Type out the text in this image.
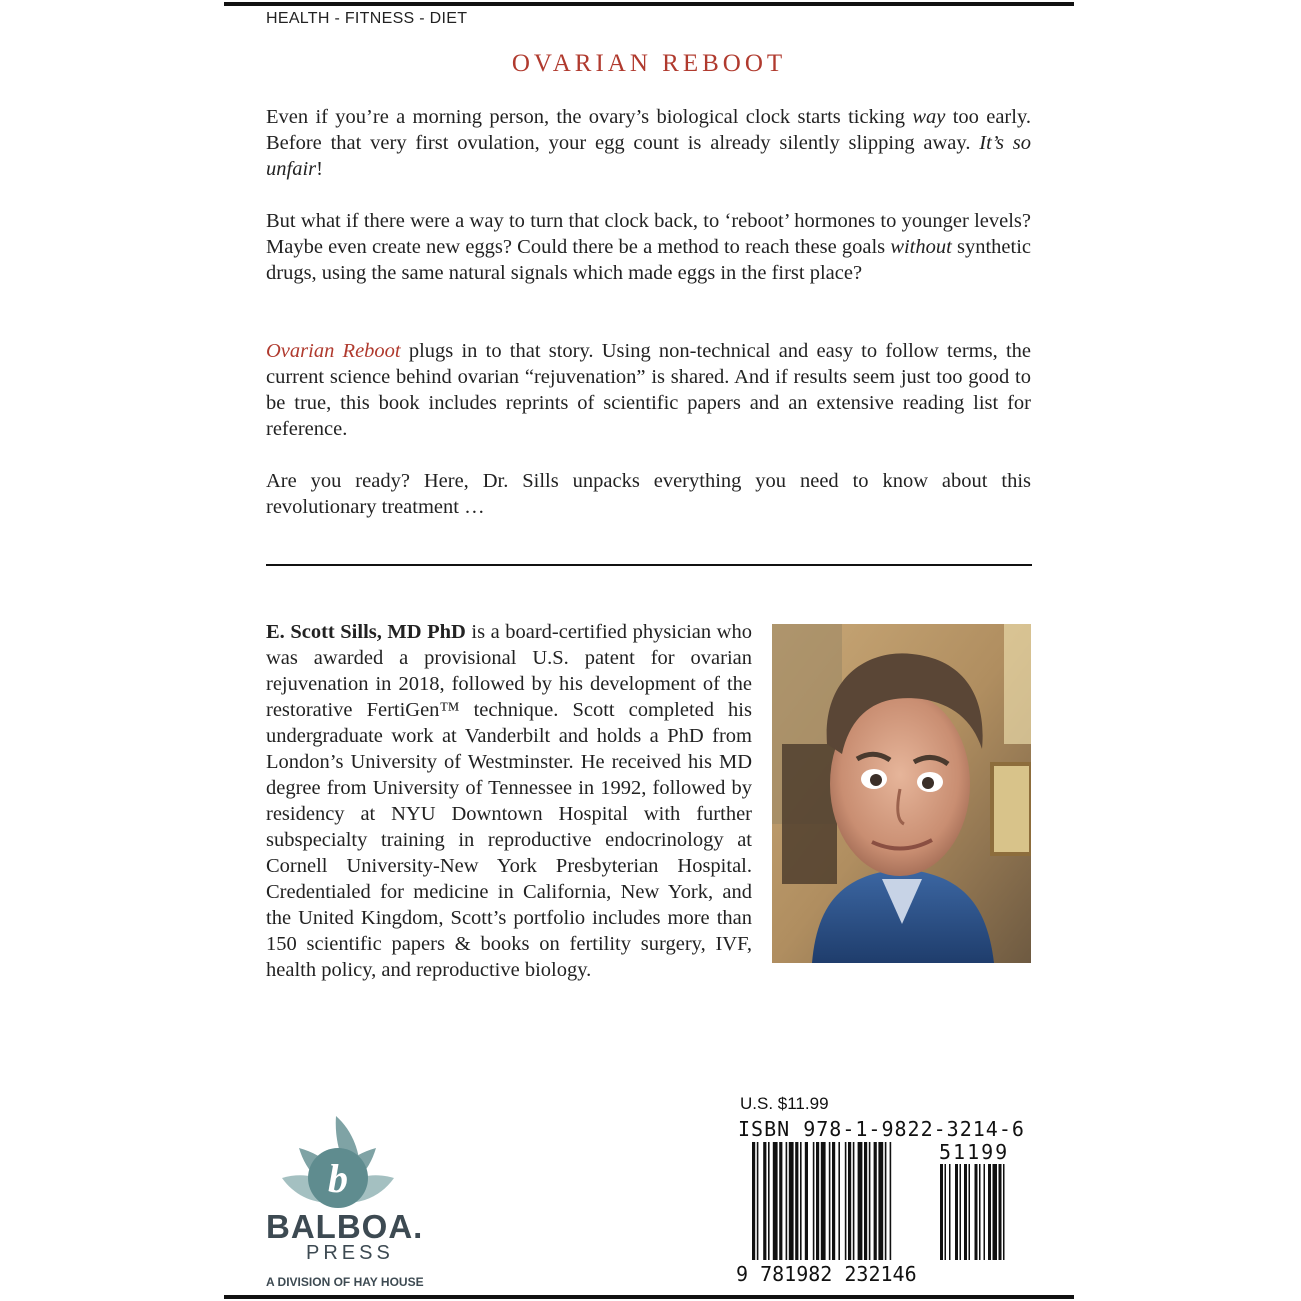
HEALTH - FITNESS - DIET
OVARIAN REBOOT

Even if you’re a morning person, the ovary’s biological clock starts ticking way too early. Before that very first ovulation, your egg count is already silently slipping away. It’s so unfair!

But what if there were a way to turn that clock back, to ‘reboot’ hormones to younger levels? Maybe even create new eggs? Could there be a method to reach these goals without synthetic drugs, using the same natural signals which made eggs in the first place?

Ovarian Reboot plugs in to that story. Using non-technical and easy to follow terms, the current science behind ovarian “rejuvenation” is shared. And if results seem just too good to be true, this book includes reprints of scientific papers and an extensive reading list for reference.

Are you ready? Here, Dr. Sills unpacks everything you need to know about this revolutionary treatment …

E. Scott Sills, MD PhD is a board-certified physician who was awarded a provisional U.S. patent for ovarian rejuvenation in 2018, followed by his development of the restorative FertiGen™ technique. Scott completed his undergraduate work at Vanderbilt and holds a PhD from London’s University of Westminster. He received his MD degree from University of Tennessee in 1992, followed by residency at NYU Downtown Hospital with further subspecialty training in reproductive endocrinology at Cornell University-New York Presbyterian Hospital. Credentialed for medicine in California, New York, and the United Kingdom, Scott’s portfolio includes more than 150 scientific papers & books on fertility surgery, IVF, health policy, and reproductive biology.

b
BALBOA.
PRESS
A DIVISION OF HAY HOUSE
U.S. $11.99
ISBN 978-1-9822-3214-6
51199
9 781982 232146
